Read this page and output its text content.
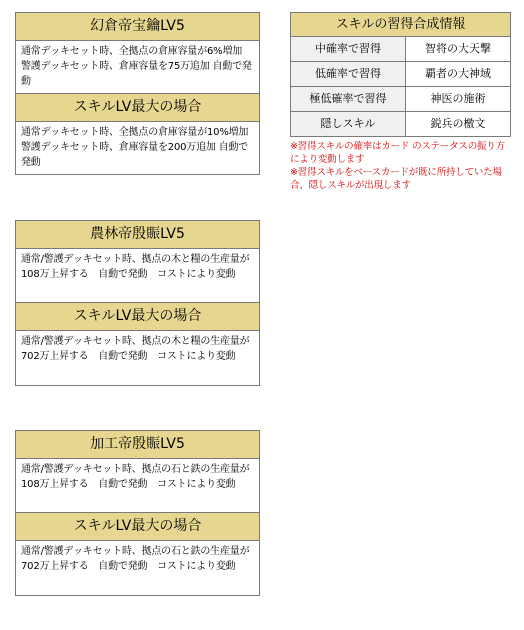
幻倉帝宝鑰LV5
通常デッキセット時、全拠点の倉庫容量が6%増加 警護デッキセット時、倉庫容量を75万追加 自動で発動
スキルLV最大の場合
通常デッキセット時、全拠点の倉庫容量が10%増加 警護デッキセット時、倉庫容量を200万追加 自動で発動
農林帝殷賑LV5
通常/警護デッキセット時、拠点の木と糧の生産量が108万上昇する　自動で発動　コストにより変動
スキルLV最大の場合
通常/警護デッキセット時、拠点の木と糧の生産量が702万上昇する　自動で発動　コストにより変動
加工帝殷賑LV5
通常/警護デッキセット時、拠点の石と鉄の生産量が108万上昇する　自動で発動　コストにより変動
スキルLV最大の場合
通常/警護デッキセット時、拠点の石と鉄の生産量が702万上昇する　自動で発動　コストにより変動
スキルの習得合成情報
中確率で習得	智将の大天撃
低確率で習得	覇者の大神域
極低確率で習得	神医の施術
隠しスキル	鋭兵の檄文
※習得スキルの確率はカード のステータスの振り方により変動します
※習得スキルをベースカードが既に所持していた場合、隠しスキルが出現します
